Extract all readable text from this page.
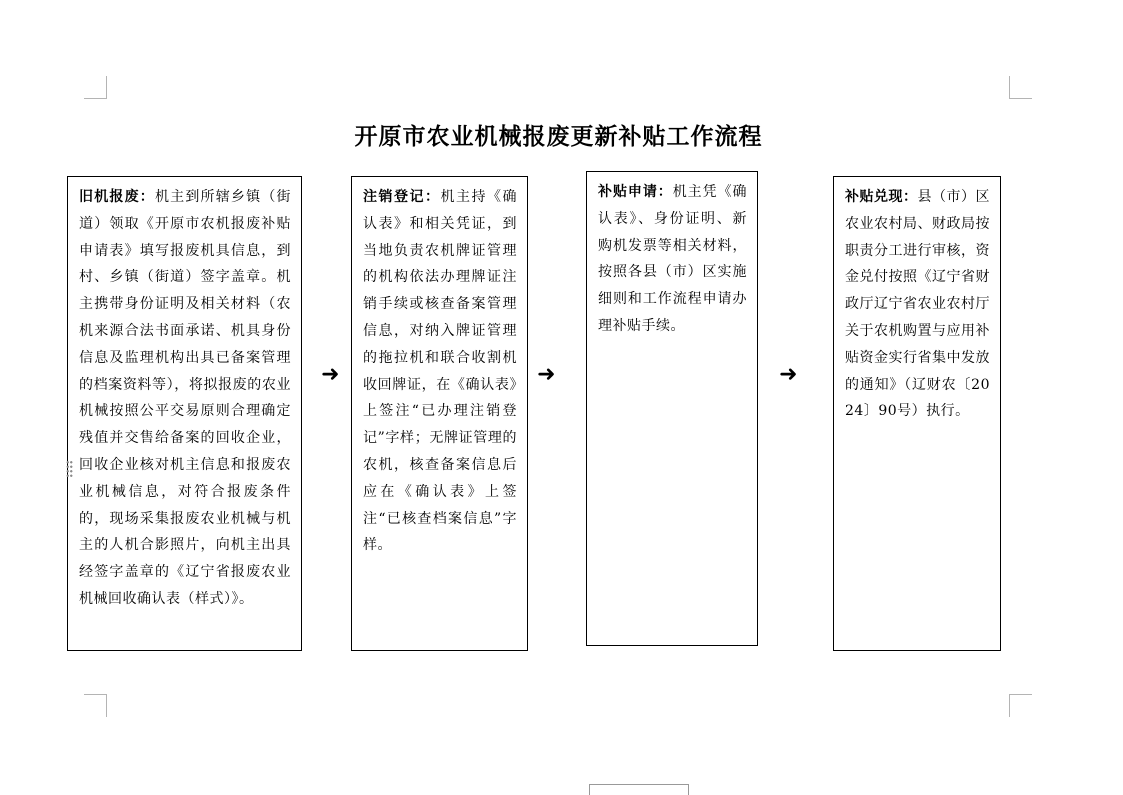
开原市农业机械报废更新补贴工作流程
旧机报废：机主到所辖乡镇（街道）领取《开原市农机报废补贴申请表》填写报废机具信息，到村、乡镇（街道）签字盖章。机主携带身份证明及相关材料（农机来源合法书面承诺、机具身份信息及监理机构出具已备案管理的档案资料等），将拟报废的农业机械按照公平交易原则合理确定残值并交售给备案的回收企业，回收企业核对机主信息和报废农业机械信息，对符合报废条件的，现场采集报废农业机械与机主的人机合影照片，向机主出具经签字盖章的《辽宁省报废农业机械回收确认表（样式）》。
➜
注销登记：机主持《确认表》和相关凭证，到当地负责农机牌证管理的机构依法办理牌证注销手续或核查备案管理信息，对纳入牌证管理的拖拉机和联合收割机收回牌证，在《确认表》上签注“已办理注销登记”字样；无牌证管理的农机，核查备案信息后应在《确认表》上签注“已核查档案信息”字样。
➜
补贴申请：机主凭《确认表》、身份证明、新购机发票等相关材料，按照各县（市）区实施细则和工作流程申请办理补贴手续。
➜
补贴兑现：县（市）区农业农村局、财政局按职责分工进行审核，资金兑付按照《辽宁省财政厅辽宁省农业农村厅关于农机购置与应用补贴资金实行省集中发放的通知》（辽财农〔2024〕90号）执行。
